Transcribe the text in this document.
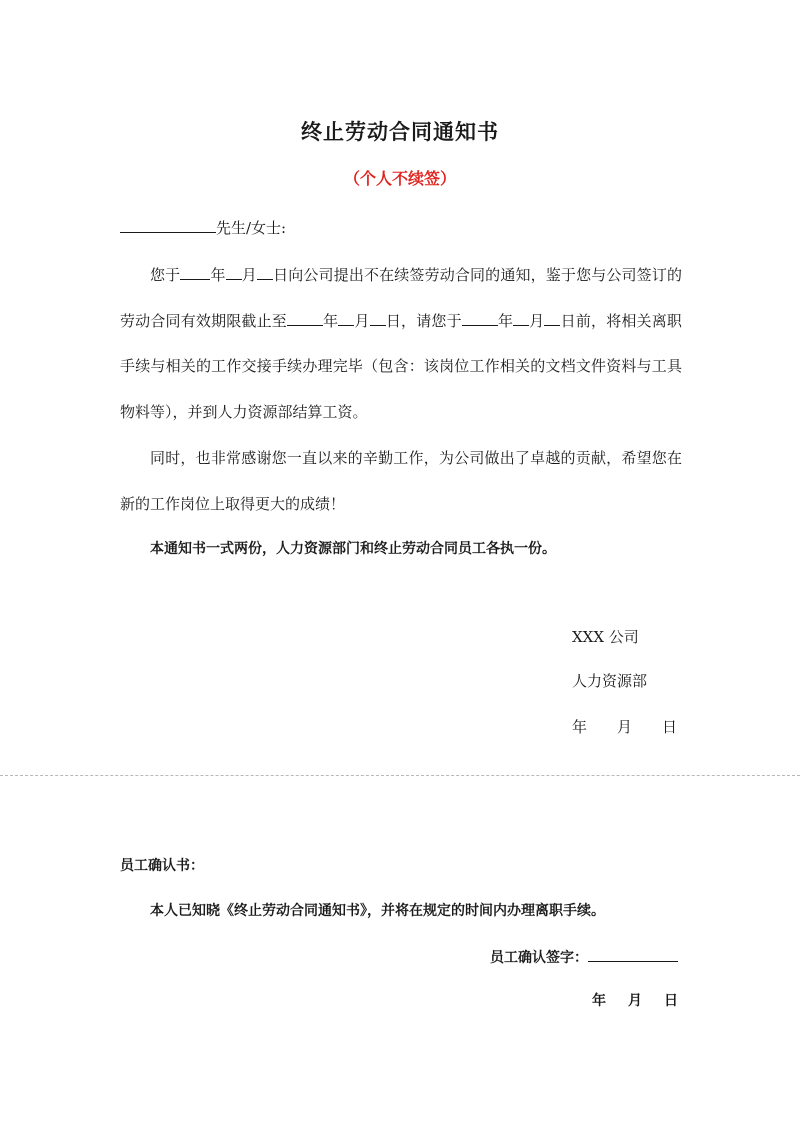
终止劳动合同通知书
（个人不续签）
先生/女士:

您于 年 月 日向公司提出不在续签劳动合同的通知，鉴于您与公司签订的劳动合同有效期限截止至 年 月 日，请您于 年 月 日前，将相关离职手续与相关的工作交接手续办理完毕（包含：该岗位工作相关的文档文件资料与工具物料等），并到人力资源部结算工资。

同时，也非常感谢您一直以来的辛勤工作，为公司做出了卓越的贡献，希望您在新的工作岗位上取得更大的成绩！

本通知书一式两份，人力资源部门和终止劳动合同员工各执一份。

XXX 公司
人力资源部
年 月 日
员工确认书：
本人已知晓《终止劳动合同通知书》，并将在规定的时间内办理离职手续。
员工确认签字：
年 月 日
